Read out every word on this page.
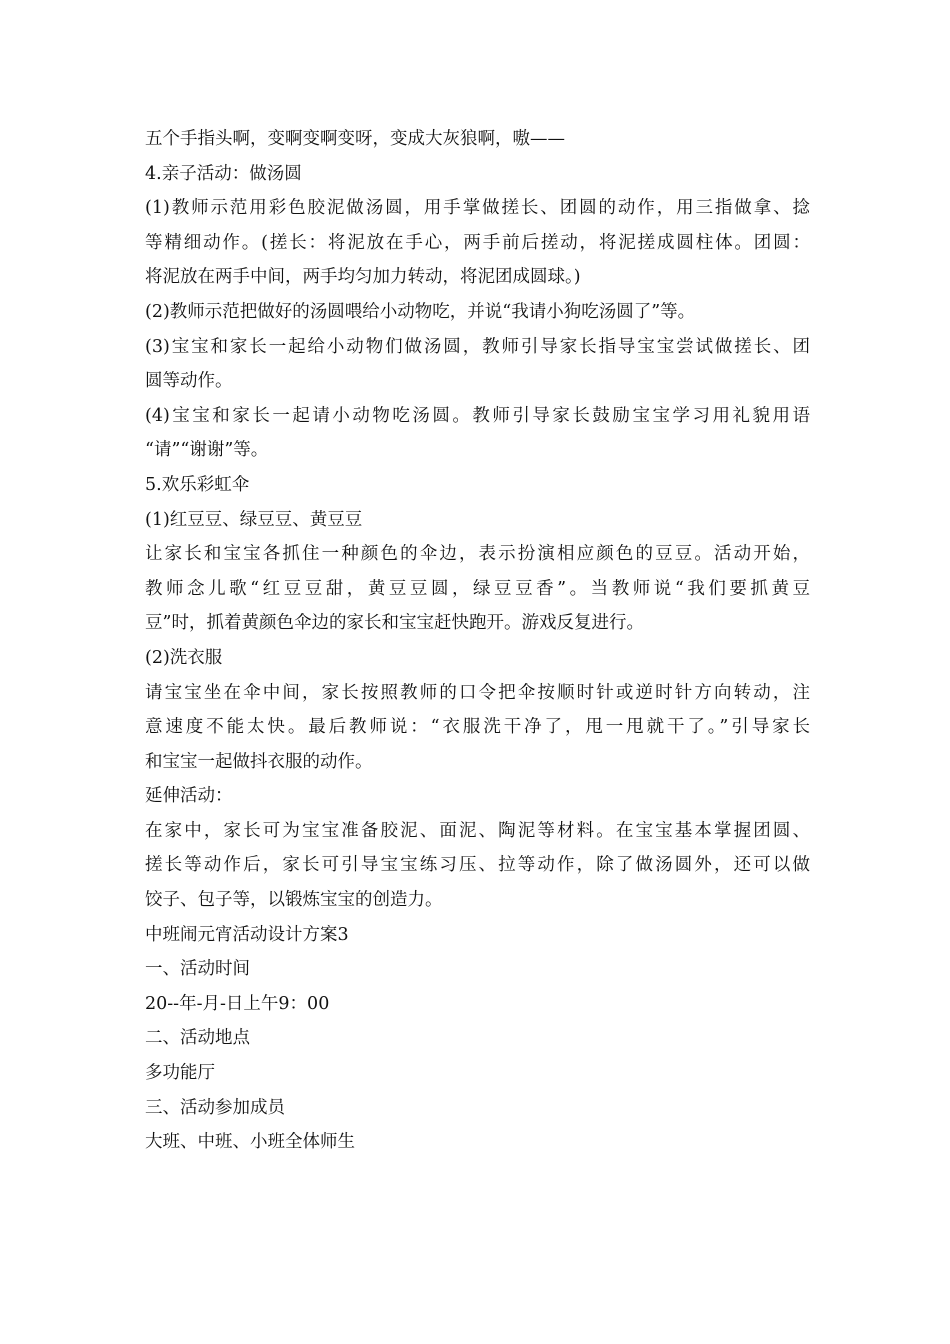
五个手指头啊，变啊变啊变呀，变成大灰狼啊，嗷——
4.亲子活动：做汤圆
(1)教师示范用彩色胶泥做汤圆，用手掌做搓长、团圆的动作，用三指做拿、捻
等精细动作。(搓长：将泥放在手心，两手前后搓动，将泥搓成圆柱体。团圆：
将泥放在两手中间，两手均匀加力转动，将泥团成圆球。)
(2)教师示范把做好的汤圆喂给小动物吃，并说“我请小狗吃汤圆了”等。
(3)宝宝和家长一起给小动物们做汤圆，教师引导家长指导宝宝尝试做搓长、团
圆等动作。
(4)宝宝和家长一起请小动物吃汤圆。教师引导家长鼓励宝宝学习用礼貌用语
“请”“谢谢”等。
5.欢乐彩虹伞
(1)红豆豆、绿豆豆、黄豆豆
让家长和宝宝各抓住一种颜色的伞边，表示扮演相应颜色的豆豆。活动开始，
教师念儿歌“红豆豆甜，黄豆豆圆，绿豆豆香”。当教师说“我们要抓黄豆
豆”时，抓着黄颜色伞边的家长和宝宝赶快跑开。游戏反复进行。
(2)洗衣服
请宝宝坐在伞中间，家长按照教师的口令把伞按顺时针或逆时针方向转动，注
意速度不能太快。最后教师说：“衣服洗干净了，甩一甩就干了。”引导家长
和宝宝一起做抖衣服的动作。
延伸活动：
在家中，家长可为宝宝准备胶泥、面泥、陶泥等材料。在宝宝基本掌握团圆、
搓长等动作后，家长可引导宝宝练习压、拉等动作，除了做汤圆外，还可以做
饺子、包子等，以锻炼宝宝的创造力。
中班闹元宵活动设计方案3
一、活动时间
20--年-月-日上午9：00
二、活动地点
多功能厅
三、活动参加成员
大班、中班、小班全体师生
